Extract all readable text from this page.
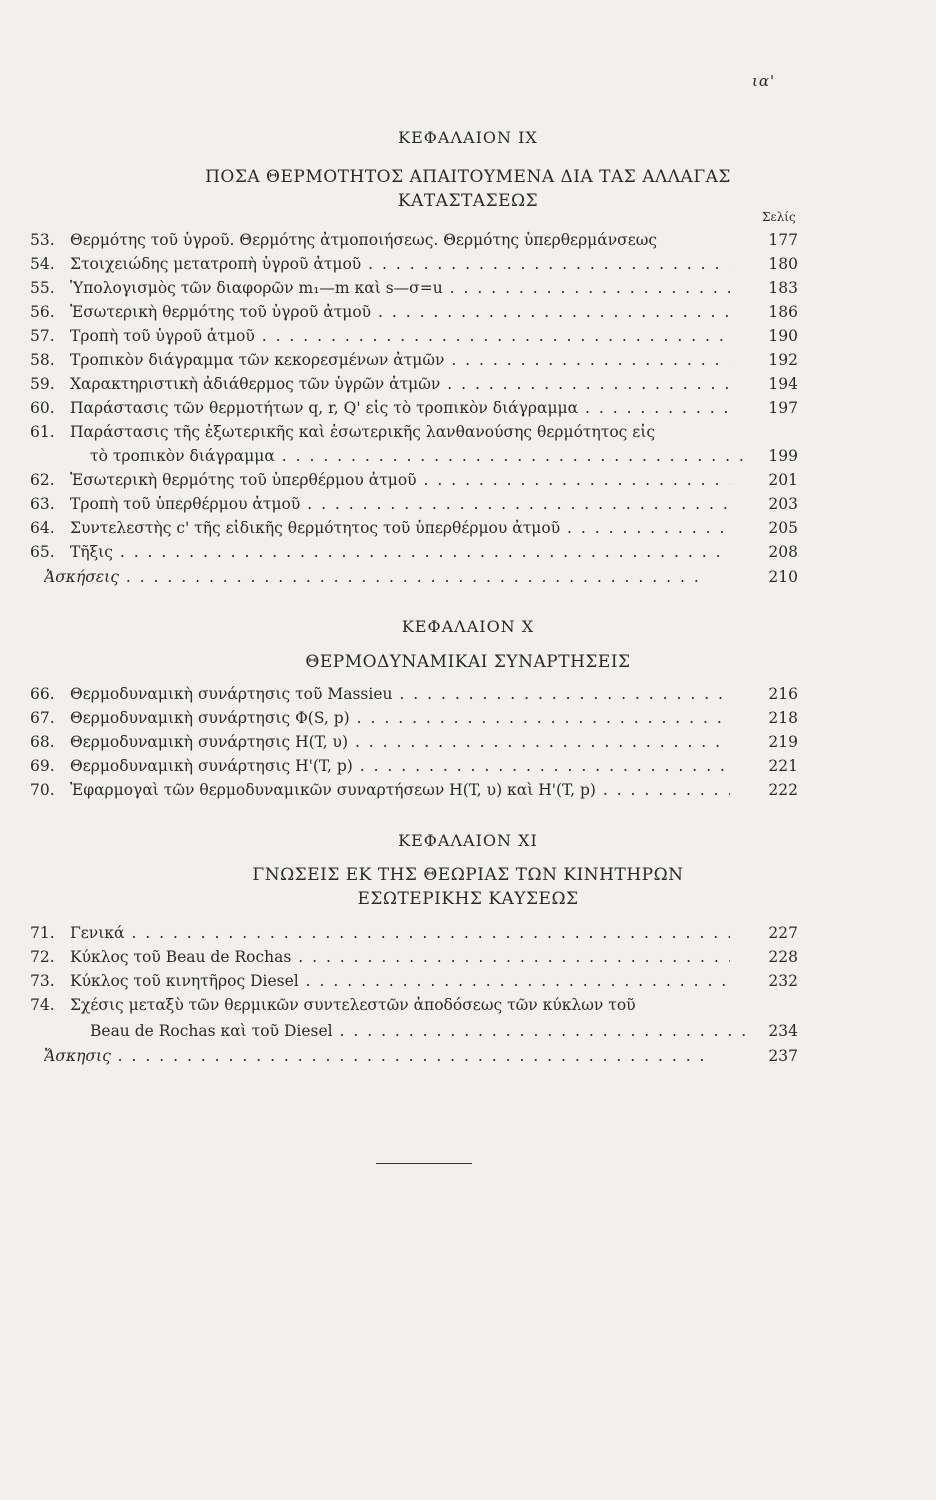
ια'
ΚΕΦΑΛΑΙΟΝ IX
ΠΟΣΑ ΘΕΡΜΟΤΗΤΟΣ ΑΠΑΙΤΟΥΜΕΝΑ ΔΙΑ ΤΑΣ ΑΛΛΑΓΑΣ
ΚΑΤΑΣΤΑΣΕΩΣ
Σελίς
53. Θερμότης τοῦ ὑγροῦ. Θερμότης ἀτμοποιήσεως. Θερμότης ὑπερθερμάνσεως	177
54. Στοιχειώδης μετατροπὴ ὑγροῦ ἀτμοῦ . . .	180
55. Ὑπολογισμὸς τῶν διαφορῶν m₁—m καὶ s—σ=u . . .	183
56. Ἐσωτερικὴ θερμότης τοῦ ὑγροῦ ἀτμοῦ . . .	186
57. Τροπὴ τοῦ ὑγροῦ ἀτμοῦ . . .	190
58. Τροπικὸν διάγραμμα τῶν κεκορεσμένων ἀτμῶν . . .	192
59. Χαρακτηριστικὴ ἀδιάθερμος τῶν ὑγρῶν ἀτμῶν . . .	194
60. Παράστασις τῶν θερμοτήτων q, r, Q' εἰς τὸ τροπικὸν διάγραμμα . . .	197
61. Παράστασις τῆς ἐξωτερικῆς καὶ ἐσωτερικῆς λανθανούσης θερμότητος εἰς
τὸ τροπικὸν διάγραμμα . . .	199
62. Ἐσωτερικὴ θερμότης τοῦ ὑπερθέρμου ἀτμοῦ . . .	201
63. Τροπὴ τοῦ ὑπερθέρμου ἀτμοῦ . . .	203
64. Συντελεστὴς c' τῆς εἰδικῆς θερμότητος τοῦ ὑπερθέρμου ἀτμοῦ . . .	205
65. Τῆξις . . .	208
Ἀσκήσεις . . .	210
ΚΕΦΑΛΑΙΟΝ X
ΘΕΡΜΟΔΥΝΑΜΙΚΑΙ ΣΥΝΑΡΤΗΣΕΙΣ
66. Θερμοδυναμικὴ συνάρτησις τοῦ Massieu . . .	216
67. Θερμοδυναμικὴ συνάρτησις Φ(S, p) . . .	218
68. Θερμοδυναμικὴ συνάρτησις H(T, υ) . . .	219
69. Θερμοδυναμικὴ συνάρτησις H'(T, p) . . .	221
70. Ἐφαρμογαὶ τῶν θερμοδυναμικῶν συναρτήσεων H(T, υ) καὶ H'(T, p) . . .	222
ΚΕΦΑΛΑΙΟΝ XI
ΓΝΩΣΕΙΣ ΕΚ ΤΗΣ ΘΕΩΡΙΑΣ ΤΩΝ ΚΙΝΗΤΗΡΩΝ
ΕΣΩΤΕΡΙΚΗΣ ΚΑΥΣΕΩΣ
71. Γενικά . . .	227
72. Κύκλος τοῦ Beau de Rochas . . .	228
73. Κύκλος τοῦ κινητῆρος Diesel . . .	232
74. Σχέσις μεταξὺ τῶν θερμικῶν συντελεστῶν ἀποδόσεως τῶν κύκλων τοῦ
Beau de Rochas καὶ τοῦ Diesel . . .	234
Ἄσκησις . . .	237
